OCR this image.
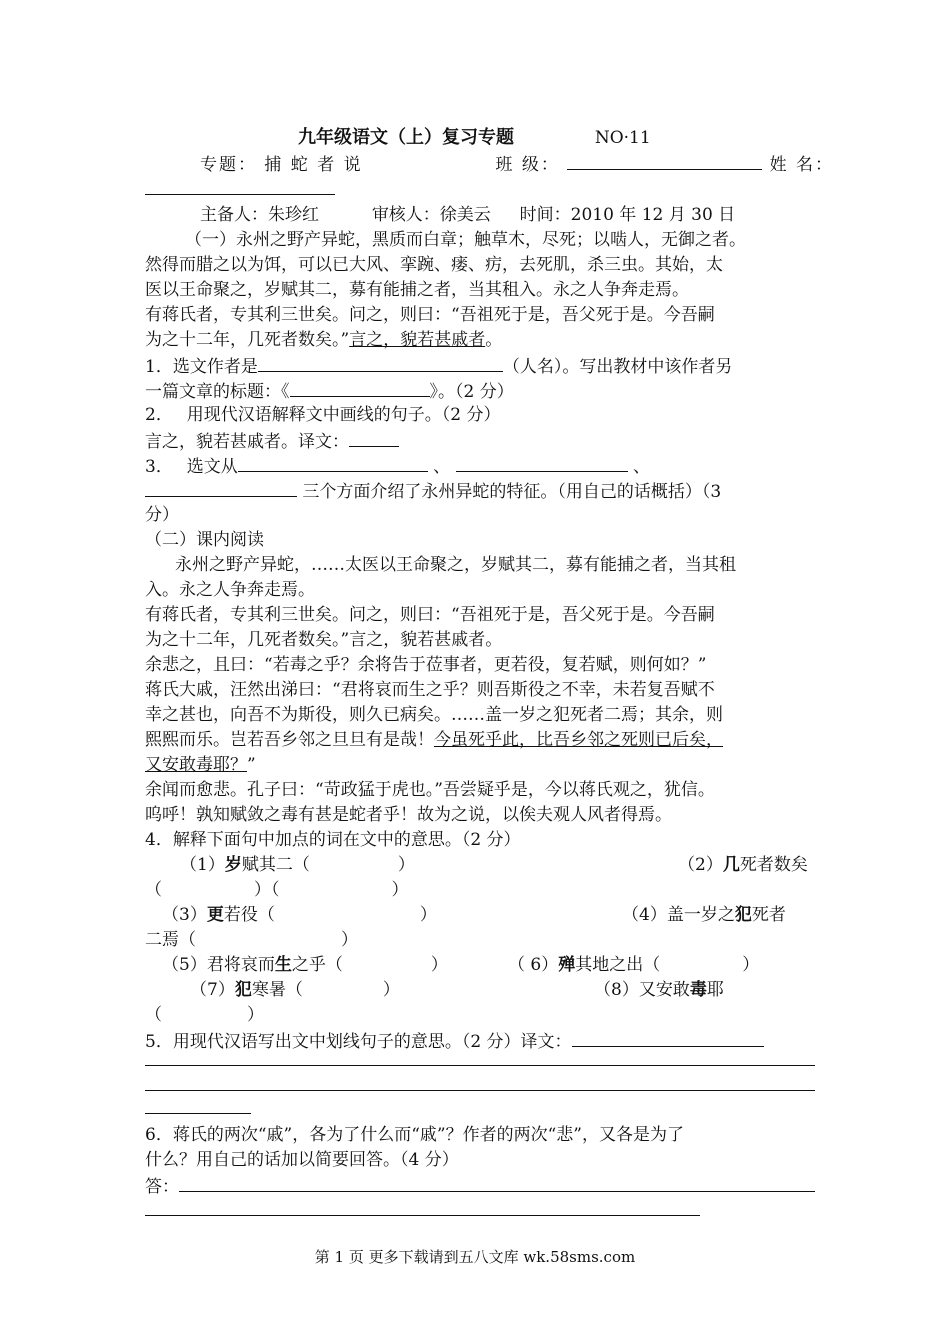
九年级语文（上）复习专题	NO·11
专题： 捕 蛇 者 说	班 级：	姓 名：
主备人：朱珍红	审核人：徐美云 时间：2010 年 12 月 30 日
（一）永州之野产异蛇，黑质而白章；触草木，尽死；以啮人，无御之者。
然得而腊之以为饵，可以已大风、挛踠、瘘、疠，去死肌，杀三虫。其始，太
医以王命聚之，岁赋其二，募有能捕之者，当其租入。永之人争奔走焉。
有蒋氏者，专其利三世矣。问之，则曰：“吾祖死于是，吾父死于是。今吾嗣
为之十二年，几死者数矣。”言之，貌若甚戚者。
1．选文作者是	（人名）。写出教材中该作者另
一篇文章的标题：《	》。（2 分）
2．　 用现代汉语解释文中画线的句子。（2 分）
言之，貌若甚戚者。译文：
3．　 选文从	、	、
三个方面介绍了永州异蛇的特征。（用自己的话概括）（3
分）
（二）课内阅读
永州之野产异蛇，……太医以王命聚之，岁赋其二，募有能捕之者，当其租
入。永之人争奔走焉。
有蒋氏者，专其利三世矣。问之，则曰：“吾祖死于是，吾父死于是。今吾嗣
为之十二年，几死者数矣。”言之，貌若甚戚者。
余悲之，且曰：“若毒之乎？余将告于莅事者，更若役，复若赋，则何如？”
蒋氏大戚，汪然出涕曰：“君将哀而生之乎？则吾斯役之不幸，未若复吾赋不
幸之甚也，向吾不为斯役，则久已病矣。……盖一岁之犯死者二焉；其余，则
熙熙而乐。岂若吾乡邻之旦旦有是哉！今虽死乎此，比吾乡邻之死则已后矣，
又安敢毒耶？”
余闻而愈悲。孔子曰：“苛政猛于虎也。”吾尝疑乎是，今以蒋氏观之，犹信。
呜呼！孰知赋敛之毒有甚是蛇者乎！故为之说，以俟夫观人风者得焉。
4．解释下面句中加点的词在文中的意思。（2 分）
（1）岁赋其二（	）	（2）几死者数矣
（	）（	）
（3）更若役（	）	（4）盖一岁之犯死者
二焉（	）
（5）君将哀而生之乎（	）	（ 6）殚其地之出（	）
（7）犯寒暑（	）	（8）又安敢毒耶
（	）
5．用现代汉语写出文中划线句子的意思。（2 分）译文：
6．蒋氏的两次“戚”，各为了什么而“戚”？作者的两次“悲”，又各是为了
什么？用自己的话加以简要回答。（4 分）
答：
第 1 页 更多下载请到五八文库 wk.58sms.com
